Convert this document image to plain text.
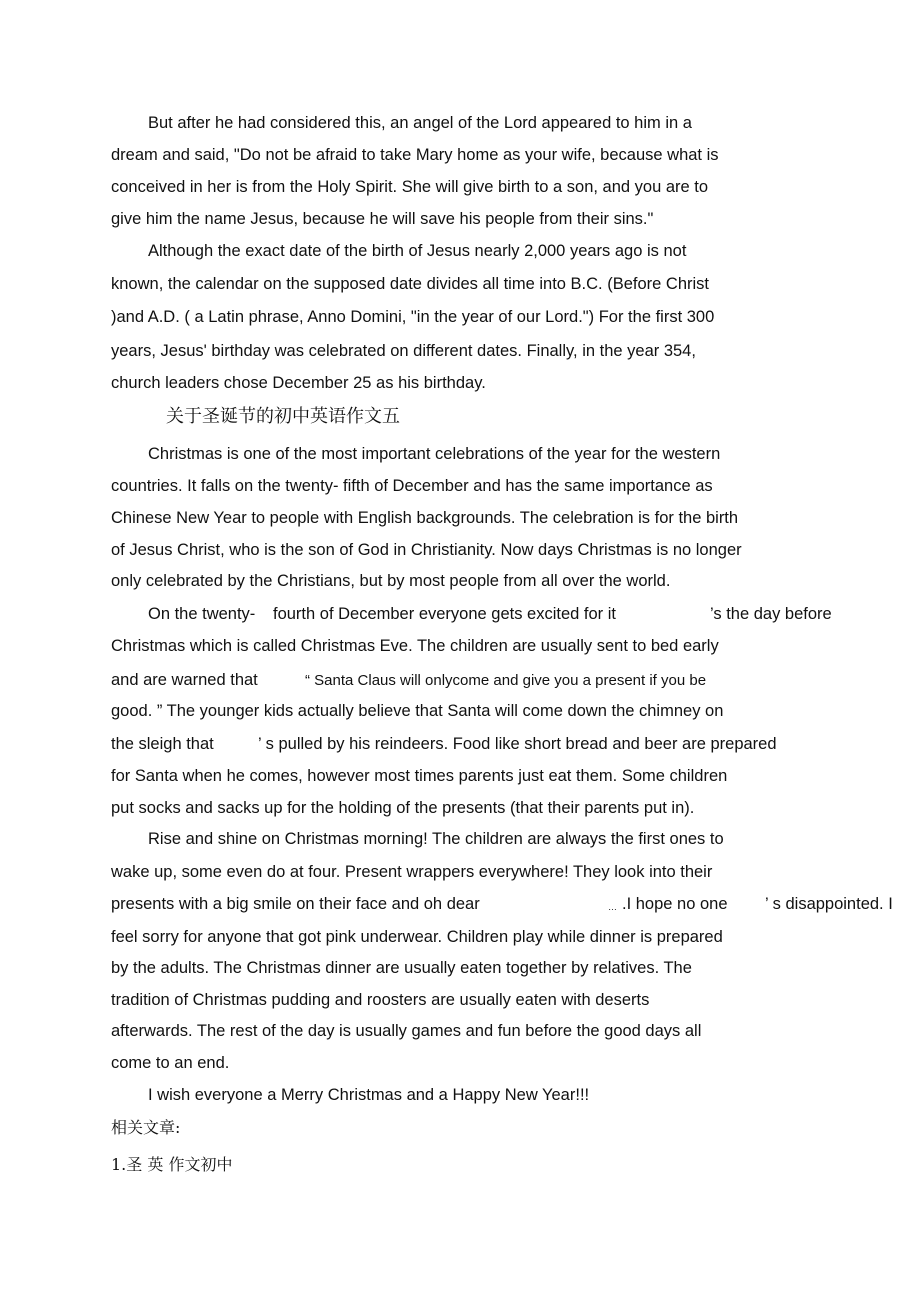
But after he had considered this, an angel of the Lord appeared to him in a
dream and said, "Do not be afraid to take Mary home as your wife, because what is
conceived in her is from the Holy Spirit. She will give birth to a son, and you are to
give him the name Jesus, because he will save his people from their sins."
Although the exact date of the birth of Jesus nearly 2,000 years ago is not
known, the calendar on the supposed date divides all time into B.C. (Before Christ
)and A.D. ( a Latin phrase, Anno Domini, "in the year of our Lord.") For the first 300
years, Jesus' birthday was celebrated on different dates. Finally, in the year 354,
church leaders chose December 25 as his birthday.
关于圣诞节的初中英语作文五
Christmas is one of the most important celebrations of the year for the western
countries. It falls on the twenty- fifth of December and has the same importance as
Chinese New Year to people with English backgrounds. The celebration is for the birth
of Jesus Christ, who is the son of God in Christianity. Now days Christmas is no longer
only celebrated by the Christians, but by most people from all over the world.
On the twenty- fourth of December everyone gets excited for it	’s the day before
Christmas which is called Christmas Eve. The children are usually sent to bed early
and are warned that	“ Santa Claus will onlycome and give you a present if you be
good. ” The younger kids actually believe that Santa will come down the chimney on
the sleigh that	’ s pulled by his reindeers. Food like short bread and beer are prepared
for Santa when he comes, however most times parents just eat them. Some children
put socks and sacks up for the holding of the presents (that their parents put in).
Rise and shine on Christmas morning! The children are always the first ones to
wake up, some even do at four. Present wrappers everywhere! They look into their
presents with a big smile on their face and oh dear	… .I hope no one ’ s disappointed. I
feel sorry for anyone that got pink underwear. Children play while dinner is prepared
by the adults. The Christmas dinner are usually eaten together by relatives. The
tradition of Christmas pudding and roosters are usually eaten with deserts
afterwards. The rest of the day is usually games and fun before the good days all
come to an end.
I wish everyone a Merry Christmas and a Happy New Year!!!
相关文章:
1.圣 英 作文初中
